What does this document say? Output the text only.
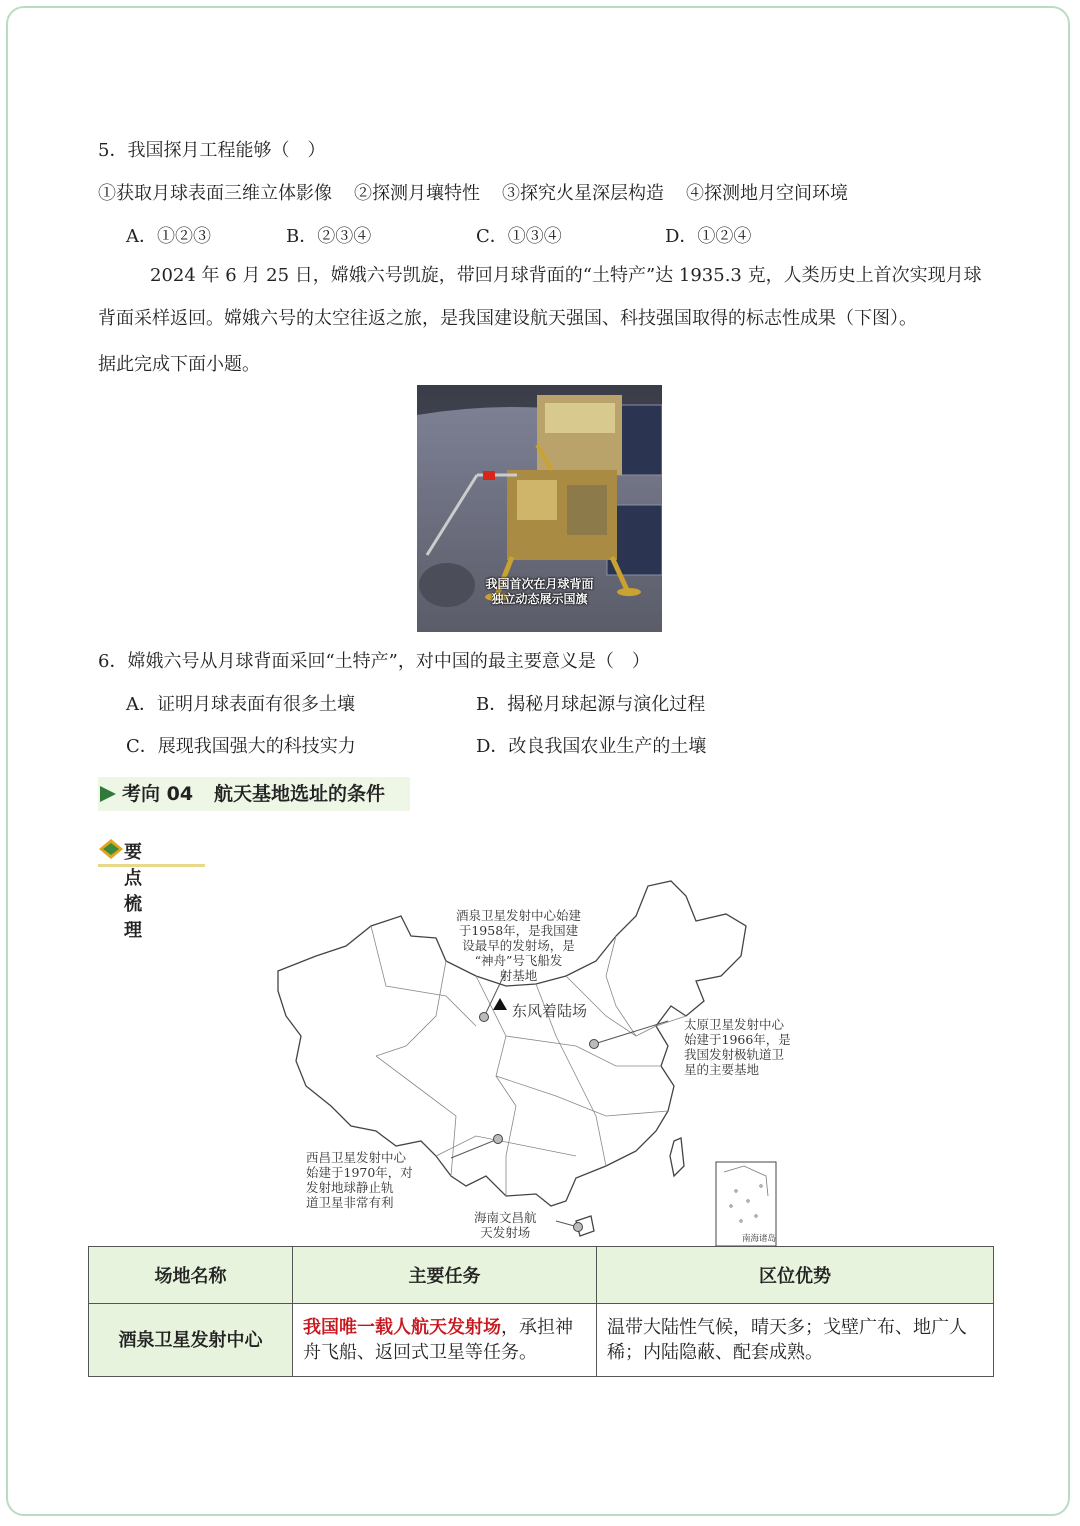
5．我国探月工程能够（　）
①获取月球表面三维立体影像 ②探测月壤特性 ③探究火星深层构造 ④探测地月空间环境
A．①②③	B．②③④	C．①③④	D．①②④
2024 年 6 月 25 日，嫦娥六号凯旋，带回月球背面的“土特产”达 1935.3 克，人类历史上首次实现月球背面采样返回。嫦娥六号的太空往返之旅，是我国建设航天强国、科技强国取得的标志性成果（下图）。
据此完成下面小题。
我国首次在月球背面
独立动态展示国旗
6．嫦娥六号从月球背面采回“土特产”，对中国的最主要意义是（　）
A．证明月球表面有很多土壤	B．揭秘月球起源与演化过程
C．展现我国强大的科技实力	D．改良我国农业生产的土壤
考向 04 航天基地选址的条件
要点梳理
酒泉卫星发射中心始建
于1958年，是我国建
设最早的发射场，是
“神舟”号飞船发
射基地
东风着陆场
太原卫星发射中心
始建于1966年，是
我国发射极轨道卫
星的主要基地
西昌卫星发射中心
始建于1970年，对
发射地球静止轨
道卫星非常有利
海南文昌航
天发射场	南海诸岛
场地名称	主要任务	区位优势
酒泉卫星发射中心	我国唯一载人航天发射场，承担神舟飞船、返回式卫星等任务。	温带大陆性气候，晴天多；戈壁广布、地广人稀；内陆隐蔽、配套成熟。
